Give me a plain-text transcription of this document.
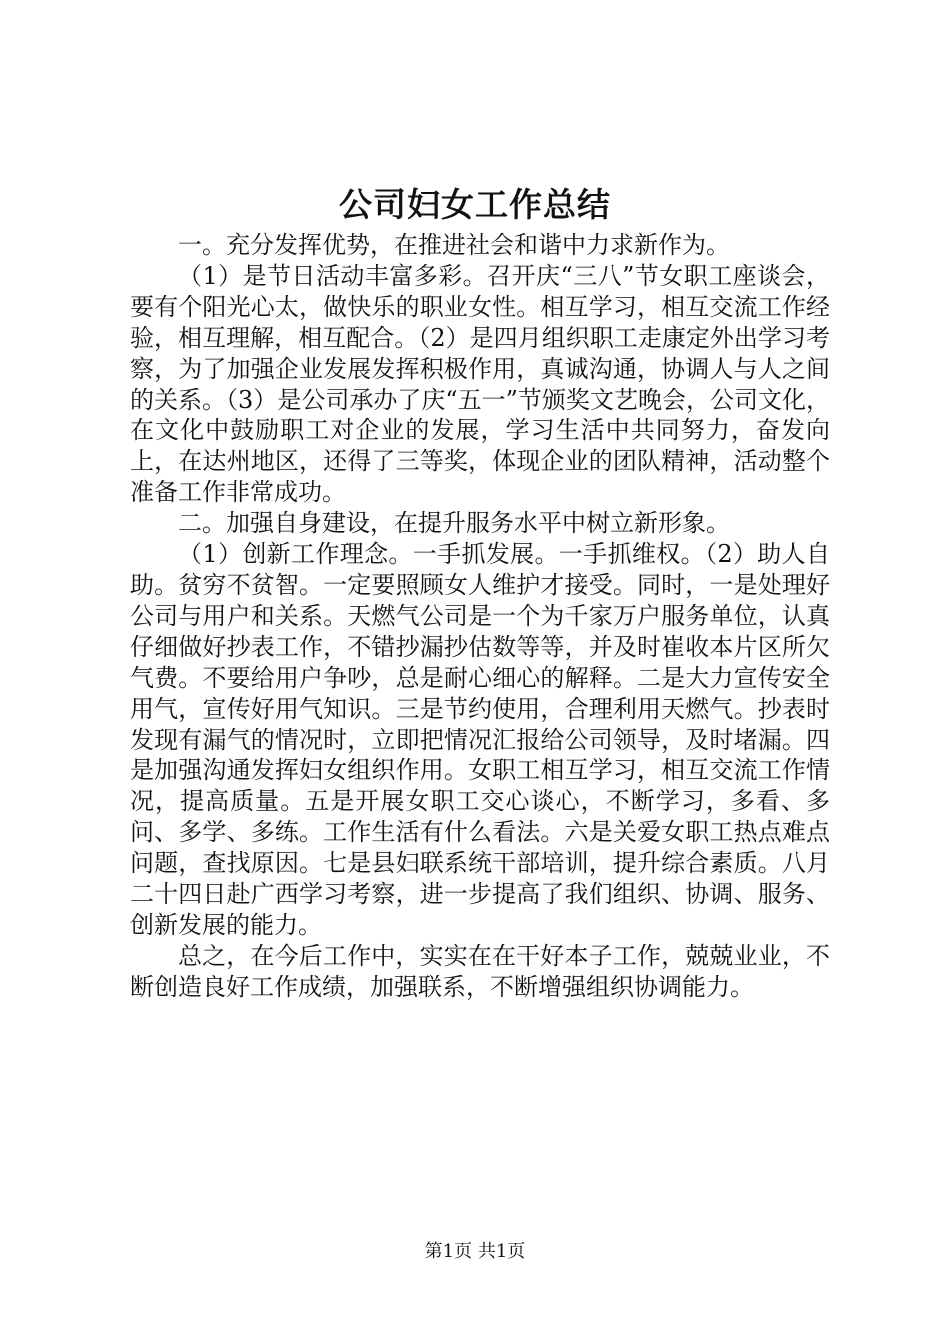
公司妇女工作总结

一。充分发挥优势，在推进社会和谐中力求新作为。

（1）是节日活动丰富多彩。召开庆“三八”节女职工座谈会，要有个阳光心太，做快乐的职业女性。相互学习，相互交流工作经验，相互理解，相互配合。（2）是四月组织职工走康定外出学习考察，为了加强企业发展发挥积极作用，真诚沟通，协调人与人之间的关系。（3）是公司承办了庆“五一”节颁奖文艺晚会，公司文化，在文化中鼓励职工对企业的发展，学习生活中共同努力，奋发向上，在达州地区，还得了三等奖，体现企业的团队精神，活动整个准备工作非常成功。

二。加强自身建设，在提升服务水平中树立新形象。

（1）创新工作理念。一手抓发展。一手抓维权。（2）助人自助。贫穷不贫智。一定要照顾女人维护才接受。同时，一是处理好公司与用户和关系。天燃气公司是一个为千家万户服务单位，认真仔细做好抄表工作，不错抄漏抄估数等等，并及时崔收本片区所欠气费。不要给用户争吵，总是耐心细心的解释。二是大力宣传安全用气，宣传好用气知识。三是节约使用，合理利用天燃气。抄表时发现有漏气的情况时，立即把情况汇报给公司领导，及时堵漏。四是加强沟通发挥妇女组织作用。女职工相互学习，相互交流工作情况，提高质量。五是开展女职工交心谈心，不断学习，多看、多问、多学、多练。工作生活有什么看法。六是关爱女职工热点难点问题，查找原因。七是县妇联系统干部培训，提升综合素质。八月二十四日赴广西学习考察，进一步提高了我们组织、协调、服务、创新发展的能力。

总之，在今后工作中，实实在在干好本子工作，兢兢业业，不断创造良好工作成绩，加强联系，不断增强组织协调能力。

第1页 共1页
